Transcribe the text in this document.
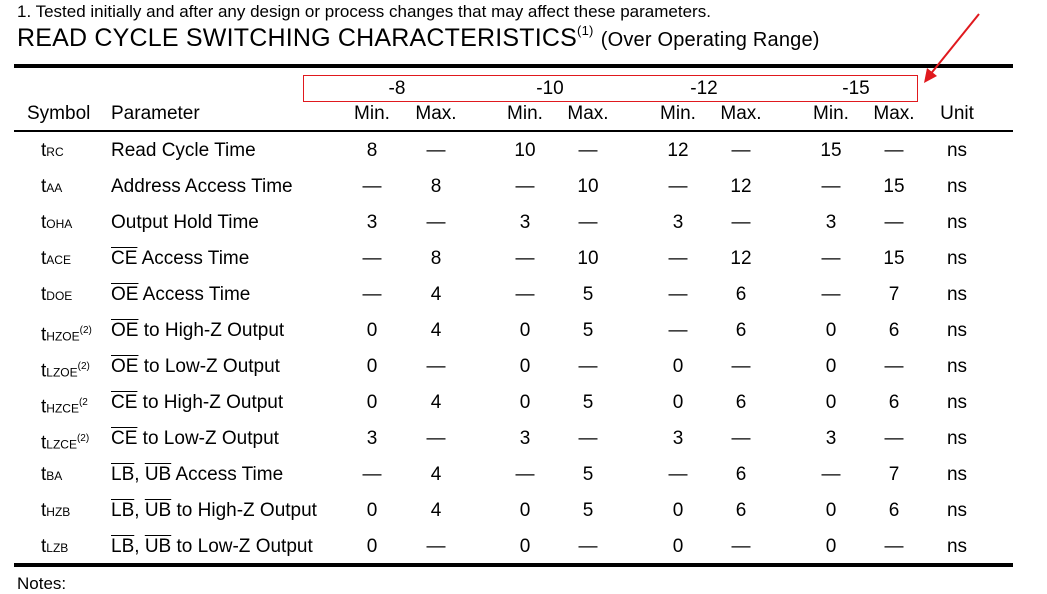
1. Tested initially and after any design or process changes that may affect these parameters.
READ CYCLE SWITCHING CHARACTERISTICS$^{(1)}$ (Over Operating Range)
-8	-10	-12	-15
Symbol Parameter	Min. Max.	Min. Max.	Min. Max.	Min. Max. Unit
tRC Read Cycle Time	8	—	10 —	12 —	15 — ns
tAA	Address Access Time	—	8	— 10	— 12	— 15 ns
tOHA Output Hold Time	3	—	3	—	3	—	3	— ns
tACE $\overline{CE}$ Access Time	—	8	— 10	— 12	— 15 ns
tDOE $\overline{OE}$ Access Time	—	4	—	5	—	6	—	7	ns
tHZOE$^{(2)}$ $\overline{OE}$ to High-Z Output	0	4	0	5	—	6	0	6	ns
tLZOE$^{(2)}$ $\overline{OE}$ to Low-Z Output	0	—	0	—	0	—	0	— ns
tHZCE$^{(2}$ $\overline{CE}$ to High-Z Output	0	4	0	5	0	6	0	6	ns
tLZCE$^{(2)}$ $\overline{CE}$ to Low-Z Output	3	—	3	—	3	—	3	— ns
tBA	$\overline{LB}$, $\overline{UB}$ Access Time	—	4	—	5	—	6	—	7	ns
tHZB $\overline{LB}$, $\overline{UB}$ to High-Z Output	0	4	0	5	0	6	0	6	ns
tLZB $\overline{LB}$, $\overline{UB}$ to Low-Z Output	0	—	0	—	0	—	0	— ns
Notes:
